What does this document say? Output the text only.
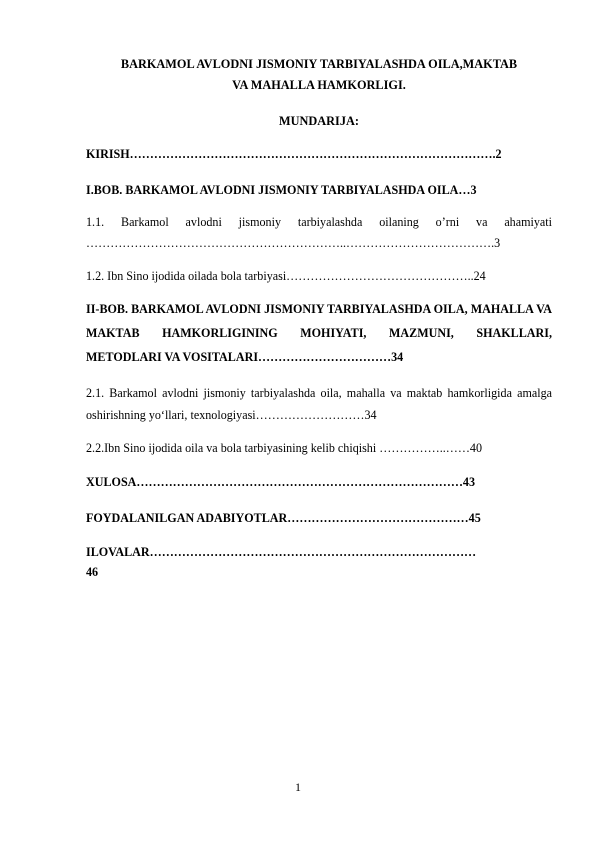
BARKAMOL AVLODNI JISMONIY TARBIYALASHDA OILA,MAKTAB

VA MAHALLA HAMKORLIGI.

MUNDARIJA:

KIRISH……………………………………………………………………………….2

I.BOB. BARKAMOL AVLODNI JISMONIY TARBIYALASHDA OILA…3

1.1. Barkamol avlodni jismoniy tarbiyalashda oilaning o’rni va ahamiyati ………………………………………………………..……………………………….3

1.2. Ibn Sino ijodida oilada bola tarbiyasi………………………………………..24

II-BOB. BARKAMOL AVLODNI JISMONIY TARBIYALASHDA OILA, MAHALLA VA MAKTAB HAMKORLIGINING MOHIYATI, MAZMUNI, SHAKLLARI, METODLARI VA VOSITALARI……………………………34

2.1. Barkamol avlodni jismoniy tarbiyalashda oila, mahalla va maktab hamkorligida amalga oshirishning yo‘llari, texnologiyasi………………………34

2.2.Ibn Sino ijodida oila va bola tarbiyasining kelib chiqishi ……………..……40

XULOSA………………………………………………………………………43

FOYDALANILGAN ADABIYOTLAR………………………………………45

ILOVALAR………………………………………………………………………

46

1
